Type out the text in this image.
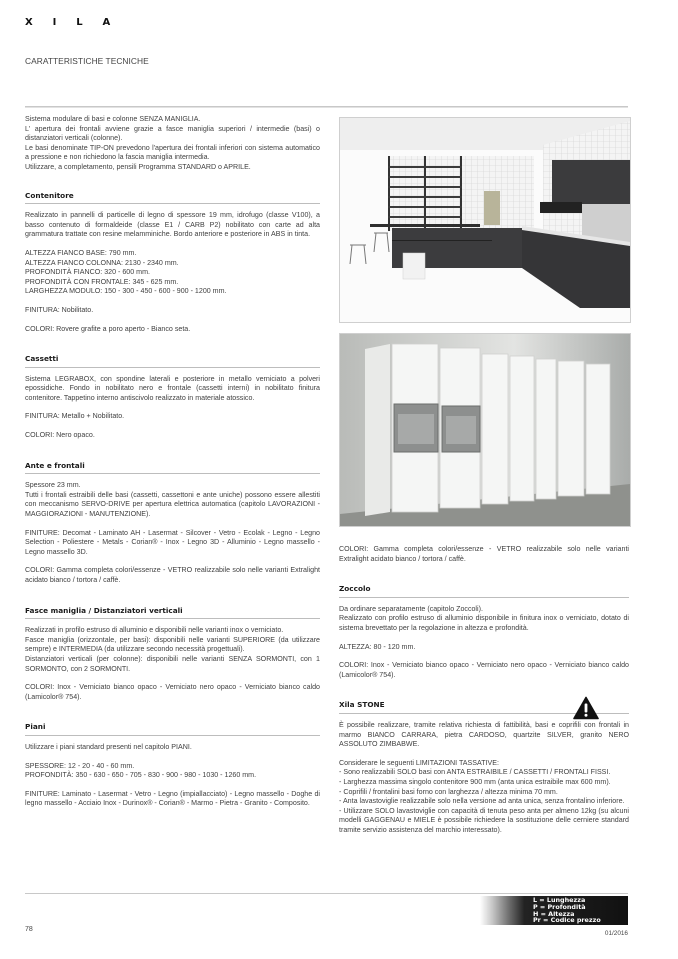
X I L A
CARATTERISTICHE TECNICHE

Sistema modulare di basi e colonne SENZA MANIGLIA.

L' apertura dei frontali avviene grazie a fasce maniglia superiori / intermedie (basi) o distanziatori verticali (colonne).

Le basi denominate TIP-ON prevedono l'apertura dei frontali inferiori con sistema automatico a pressione e non richiedono la fascia maniglia intermedia.

Utilizzare, a completamento, pensili Programma STANDARD o APRILE.

Contenitore

Realizzato in pannelli di particelle di legno di spessore 19 mm, idrofugo (classe V100), a basso contenuto di formaldeide (classe E1 / CARB P2) nobilitato con carte ad alta grammatura trattate con resine melamminiche. Bordo anteriore e posteriore in ABS in tinta.

ALTEZZA FIANCO BASE: 790 mm.

ALTEZZA FIANCO COLONNA: 2130 - 2340 mm.

PROFONDITÀ FIANCO: 320 - 600 mm.

PROFONDITÀ CON FRONTALE: 345 - 625 mm.

LARGHEZZA MODULO: 150 - 300 - 450 - 600 - 900 - 1200 mm.

FINITURA: Nobilitato.

COLORI: Rovere grafite a poro aperto - Bianco seta.

Cassetti

Sistema LEGRABOX, con spondine laterali e posteriore in metallo verniciato a polveri epossidiche. Fondo in nobilitato nero e frontale (cassetti interni) in nobilitato finitura contenitore. Tappetino interno antiscivolo realizzato in materiale atossico.

FINITURA: Metallo + Nobilitato.

COLORI: Nero opaco.

Ante e frontali

Spessore 23 mm.

Tutti i frontali estraibili delle basi (cassetti, cassettoni e ante uniche) possono essere allestiti con meccanismo SERVO-DRIVE per apertura elettrica automatica (capitolo LAVORAZIONI - MAGGIORAZIONI - MANUTENZIONE).

FINITURE: Decomat - Laminato AH - Lasermat - Silcover - Vetro - Ecolak - Legno - Legno Selection - Poliestere - Metals - Corian® - Inox - Legno 3D - Alluminio - Legno massello - Legno massello 3D.

COLORI: Gamma completa colori/essenze - VETRO realizzabile solo nelle varianti Extralight acidato bianco / tortora / caffè.

Fasce maniglia / Distanziatori verticali

Realizzati in profilo estruso di alluminio e disponibili nelle varianti inox o verniciato.

Fasce maniglia (orizzontale, per basi): disponibili nelle varianti SUPERIORE (da utilizzare sempre) e INTERMEDIA (da utilizzare secondo necessità progettuali).

Distanziatori verticali (per colonne): disponibili nelle varianti SENZA SORMONTI, con 1 SORMONTO, con 2 SORMONTI.

COLORI: Inox - Verniciato bianco opaco - Verniciato nero opaco - Verniciato bianco caldo (Lamicolor® 754).

Piani

Utilizzare i piani standard presenti nel capitolo PIANI.

SPESSORE: 12 - 20 - 40 - 60 mm.

PROFONDITÀ: 350 - 630 - 650 - 705 - 830 - 900 - 980 - 1030 - 1260 mm.

FINITURE: Laminato - Lasermat - Vetro - Legno (impiallacciato) - Legno massello - Doghe di legno massello - Acciaio Inox - Durinox® - Corian® - Marmo - Pietra - Granito - Composito.

COLORI: Gamma completa colori/essenze - VETRO realizzabile solo nelle varianti Extralight acidato bianco / tortora / caffè.

Zoccolo

Da ordinare separatamente (capitolo Zoccoli).

Realizzato con profilo estruso di alluminio disponibile in finitura inox o verniciato, dotato di sistema brevettato per la regolazione in altezza e profondità.

ALTEZZA: 80 - 120 mm.

COLORI: Inox - Verniciato bianco opaco - Verniciato nero opaco - Verniciato bianco caldo (Lamicolor® 754).

Xila STONE

È possibile realizzare, tramite relativa richiesta di fattibilità, basi e coprifili con frontali in marmo BIANCO CARRARA, pietra CARDOSO, quartzite SILVER, granito NERO ASSOLUTO ZIMBABWE.

Considerare le seguenti LIMITAZIONI TASSATIVE:

- Sono realizzabili SOLO basi con ANTA ESTRAIBILE / CASSETTI / FRONTALI FISSI.

- Larghezza massima singolo contenitore 900 mm (anta unica estraibile max 600 mm).

- Coprifili / frontalini basi forno con larghezza / altezza minima 70 mm.

- Anta lavastoviglie realizzabile solo nella versione ad anta unica, senza frontalino inferiore.

- Utilizzare SOLO lavastoviglie con capacità di tenuta peso anta per almeno 12kg (su alcuni modelli GAGGENAU e MIELE è possibile richiedere la sostituzione delle cerniere standard tramite servizio assistenza del marchio interessato).

L = Lunghezza
P = Profondità
H = Altezza
Pr = Codice prezzo
78
01/2016
